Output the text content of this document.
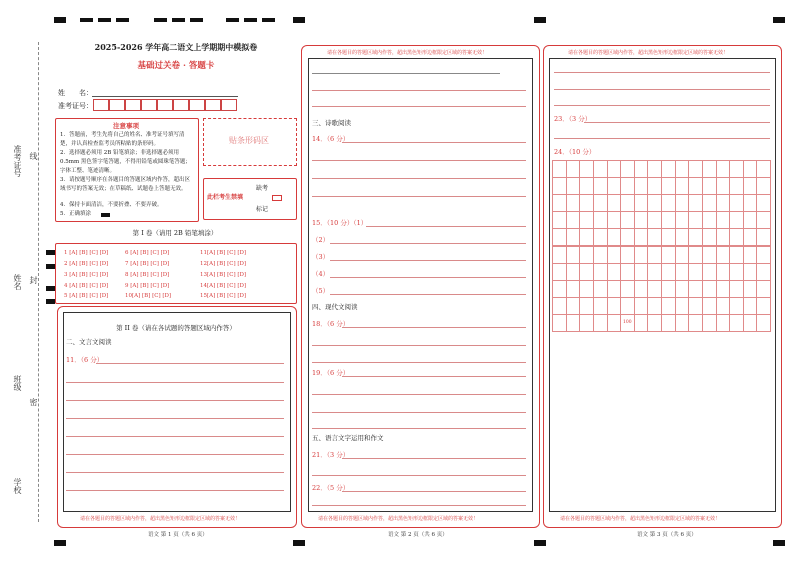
准考证号 线
姓名 封
班级
密
学校
2025-2026 学年高二语文上学期期中模拟卷
基础过关卷 · 答题卡
姓　　名：
准考证号：
注意事项
1．答题前，考生先将自己的姓名、准考证号填写清楚，并认真检查监考员所粘贴的条形码。
2．选择题必须用 2B 铅笔填涂；非选择题必须用 0.5mm 黑色签字笔答题，不得用铅笔或圆珠笔答题；字体工整、笔迹清晰。
3．请按题号顺序在各题目的答题区域内作答，超出区域书写的答案无效；在草稿纸、试题卷上答题无效。
4．保持卡面清洁，不要折叠、不要弄破。
5．正确填涂
贴条形码区
此栏考生禁填
缺考
标记
第 I 卷（请用 2B 铅笔填涂）
1 [A] [B] [C] [D]	6 [A] [B] [C] [D]	11[A] [B] [C] [D]
2 [A] [B] [C] [D]	7 [A] [B] [C] [D]	12[A] [B] [C] [D]
3 [A] [B] [C] [D]	8 [A] [B] [C] [D]	13[A] [B] [C] [D]
4 [A] [B] [C] [D]	9 [A] [B] [C] [D]	14[A] [B] [C] [D]
5 [A] [B] [C] [D]	10[A] [B] [C] [D]	15[A] [B] [C] [D]
第 II 卷（请在各试题的答题区域内作答）
二、文言文阅读
11．（6 分）
请在各题目的答题区域内作答，超出黑色矩形边框限定区域的答案无效！
语文 第 1 页（共 6 页）
请在各题目的答题区域内作答，超出黑色矩形边框限定区域的答案无效！
三、诗歌阅读
14．（6 分）
15．（10 分）（1）
（2）
（3）
（4）
（5）
四、现代文阅读
18．（6 分）
19．（6 分）
五、语言文字运用和作文
21．（3 分）
22．（5 分）
请在各题目的答题区域内作答，超出黑色矩形边框限定区域的答案无效！
语文 第 2 页（共 6 页）
请在各题目的答题区域内作答，超出黑色矩形边框限定区域的答案无效！
23．（3 分）
24．（10 分）
100
请在各题目的答题区域内作答，超出黑色矩形边框限定区域的答案无效！
语文 第 3 页（共 6 页）
